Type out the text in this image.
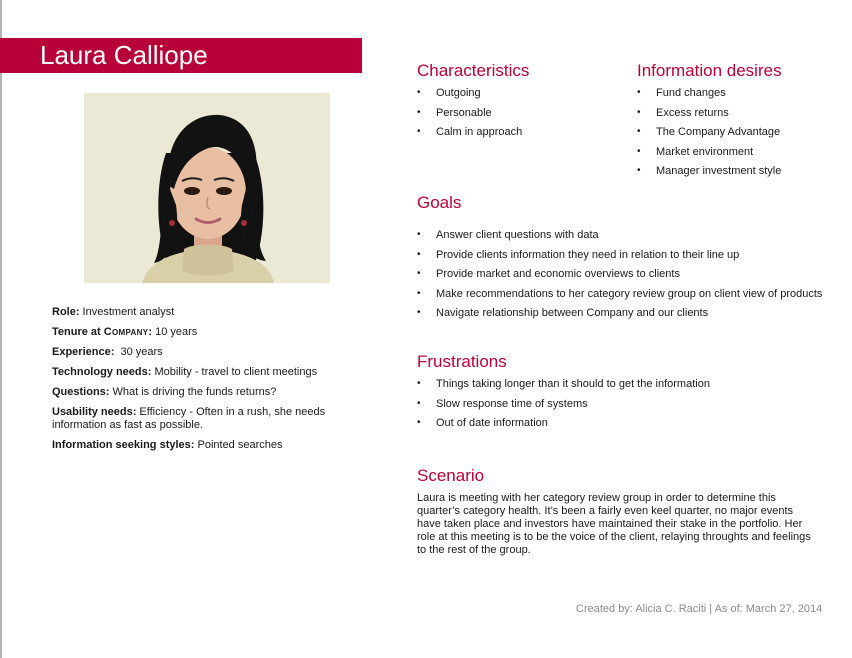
Laura Calliope
Role: Investment analyst
Tenure at Company: 10 years
Experience:  30 years
Technology needs: Mobility - travel to client meetings
Questions: What is driving the funds returns?
Usability needs: Efficiency - Often in a rush, she needs information as fast as possible.
Information seeking styles: Pointed searches
Characteristics
• Outgoing
• Personable
• Calm in approach
Information desires
• Fund changes
• Excess returns
• The Company Advantage
• Market environment
• Manager investment style
Goals
• Answer client questions with data
• Provide clients information they need in relation to their line up
• Provide market and economic overviews to clients
• Make recommendations to her category review group on client view of products
• Navigate relationship between Company and our clients
Frustrations
• Things taking longer than it should to get the information
• Slow response time of systems
• Out of date information
Scenario
Laura is meeting with her category review group in order to determine this quarter’s category health. It’s been a fairly even keel quarter, no major events have taken place and investors have maintained their stake in the portfolio. Her role at this meeting is to be the voice of the client, relaying throughts and feelings to the rest of the group.
Created by: Alicia C. Raciti | As of: March 27, 2014
